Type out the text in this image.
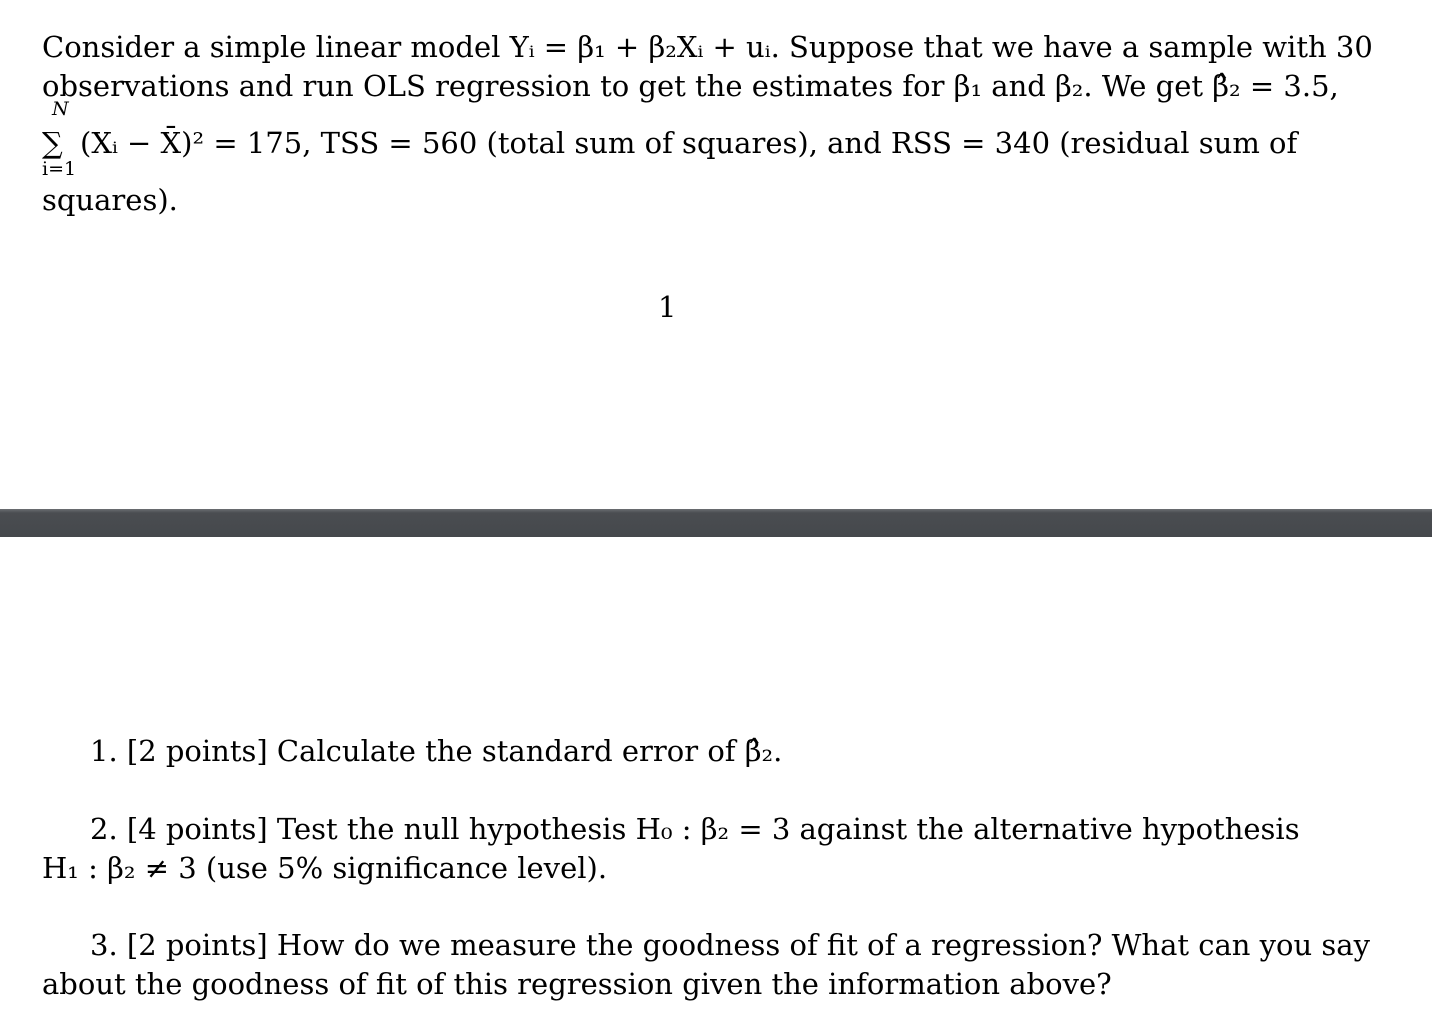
Consider a simple linear model Yᵢ = β₁ + β₂Xᵢ + uᵢ. Suppose that we have a sample with 30
observations and run OLS regression to get the estimates for β₁ and β₂. We get β̂₂ = 3.5,
∑
N
i=1
(Xᵢ − X̄)² = 175, TSS = 560 (total sum of squares), and RSS = 340 (residual sum of
squares).
1
1. [2 points] Calculate the standard error of β̂₂.
2. [4 points] Test the null hypothesis H₀ : β₂ = 3 against the alternative hypothesis
H₁ : β₂ ≠ 3 (use 5% significance level).
3. [2 points] How do we measure the goodness of fit of a regression? What can you say
about the goodness of fit of this regression given the information above?
